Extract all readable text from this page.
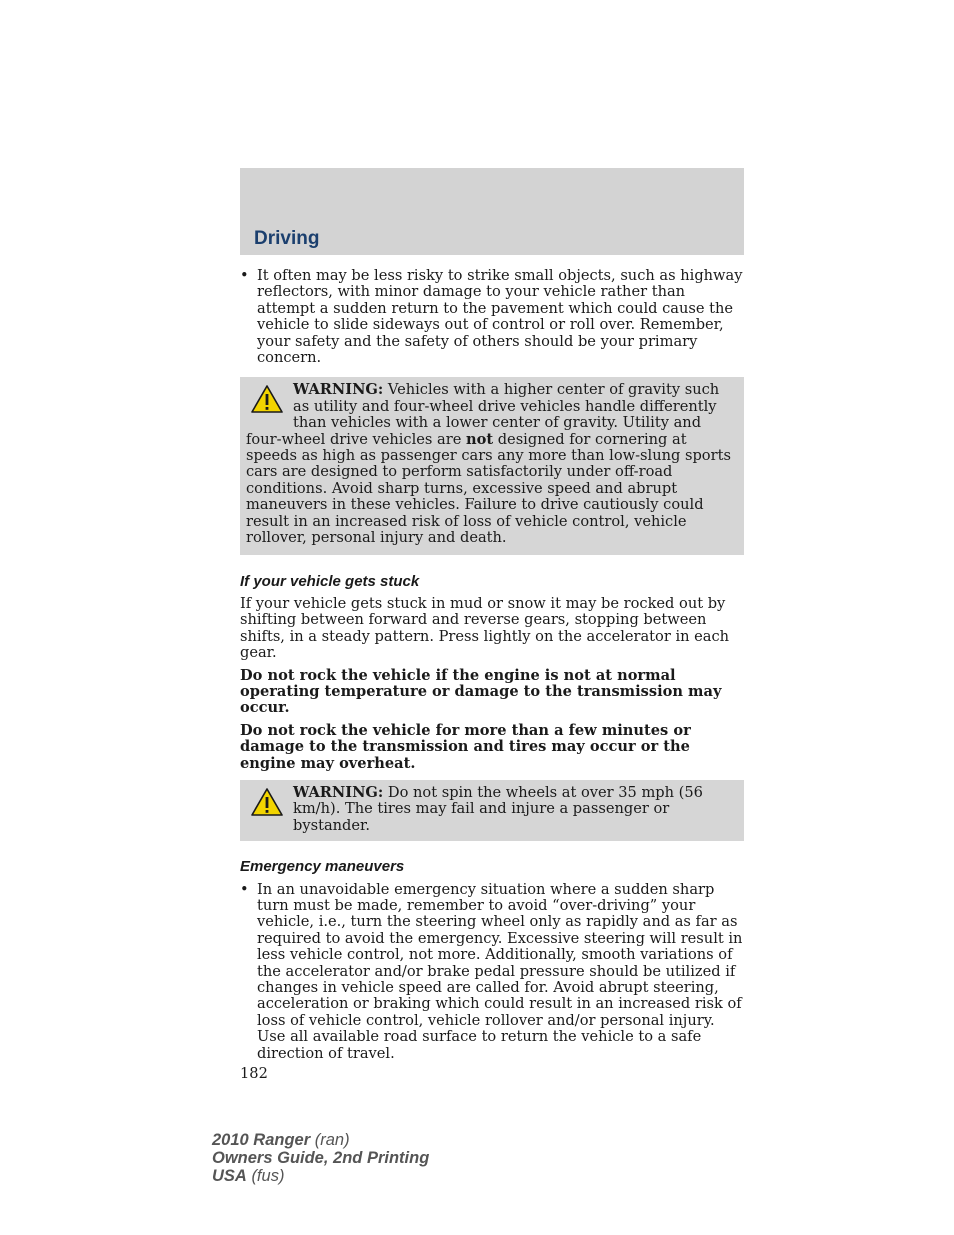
Driving
• It often may be less risky to strike small objects, such as highway reflectors, with minor damage to your vehicle rather than attempt a sudden return to the pavement which could cause the vehicle to slide sideways out of control or roll over. Remember, your safety and the safety of others should be your primary concern.
WARNING: Vehicles with a higher center of gravity such as utility and four-wheel drive vehicles handle differently than vehicles with a lower center of gravity. Utility and four-wheel drive vehicles are not designed for cornering at speeds as high as passenger cars any more than low-slung sports cars are designed to perform satisfactorily under off-road conditions. Avoid sharp turns, excessive speed and abrupt maneuvers in these vehicles. Failure to drive cautiously could result in an increased risk of loss of vehicle control, vehicle rollover, personal injury and death.
If your vehicle gets stuck

If your vehicle gets stuck in mud or snow it may be rocked out by shifting between forward and reverse gears, stopping between shifts, in a steady pattern. Press lightly on the accelerator in each gear.

Do not rock the vehicle if the engine is not at normal operating temperature or damage to the transmission may occur.

Do not rock the vehicle for more than a few minutes or damage to the transmission and tires may occur or the engine may overheat.

WARNING: Do not spin the wheels at over 35 mph (56 km/h). The tires may fail and injure a passenger or bystander.
Emergency maneuvers
• In an unavoidable emergency situation where a sudden sharp turn must be made, remember to avoid “over-driving” your vehicle, i.e., turn the steering wheel only as rapidly and as far as required to avoid the emergency. Excessive steering will result in less vehicle control, not more. Additionally, smooth variations of the accelerator and/or brake pedal pressure should be utilized if changes in vehicle speed are called for. Avoid abrupt steering, acceleration or braking which could result in an increased risk of loss of vehicle control, vehicle rollover and/or personal injury. Use all available road surface to return the vehicle to a safe direction of travel.
182
2010 Ranger (ran)
Owners Guide, 2nd Printing
USA (fus)
